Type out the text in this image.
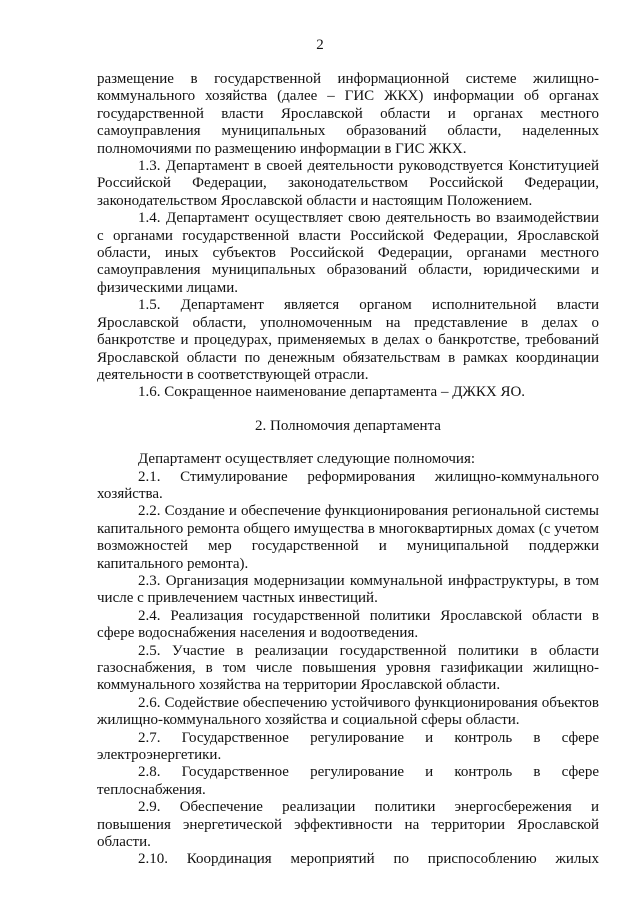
2

размещение в государственной информационной системе жилищно-коммунального хозяйства (далее – ГИС ЖКХ) информации об органах государственной власти Ярославской области и органах местного самоуправления муниципальных образований области, наделенных полномочиями по размещению информации в ГИС ЖКХ.

1.3. Департамент в своей деятельности руководствуется Конституцией Российской Федерации, законодательством Российской Федерации, законодательством Ярославской области и настоящим Положением.

1.4. Департамент осуществляет свою деятельность во взаимодействии с органами государственной власти Российской Федерации, Ярославской области, иных субъектов Российской Федерации, органами местного самоуправления муниципальных образований области, юридическими и физическими лицами.

1.5. Департамент является органом исполнительной власти Ярославской области, уполномоченным на представление в делах о банкротстве и процедурах, применяемых в делах о банкротстве, требований Ярославской области по денежным обязательствам в рамках координации деятельности в соответствующей отрасли.

1.6. Сокращенное наименование департамента – ДЖКХ ЯО.

2. Полномочия департамента

Департамент осуществляет следующие полномочия:

2.1. Стимулирование реформирования жилищно-коммунального хозяйства.

2.2. Создание и обеспечение функционирования региональной системы капитального ремонта общего имущества в многоквартирных домах (с учетом возможностей мер государственной и муниципальной поддержки капитального ремонта).

2.3. Организация модернизации коммунальной инфраструктуры, в том числе с привлечением частных инвестиций.

2.4. Реализация государственной политики Ярославской области в сфере водоснабжения населения и водоотведения.

2.5. Участие в реализации государственной политики в области газоснабжения, в том числе повышения уровня газификации жилищно-коммунального хозяйства на территории Ярославской области.

2.6. Содействие обеспечению устойчивого функционирования объектов жилищно-коммунального хозяйства и социальной сферы области.

2.7. Государственное регулирование и контроль в сфере электроэнергетики.

2.8. Государственное регулирование и контроль в сфере теплоснабжения.

2.9. Обеспечение реализации политики энергосбережения и повышения энергетической эффективности на территории Ярославской области.

2.10. Координация мероприятий по приспособлению жилых
